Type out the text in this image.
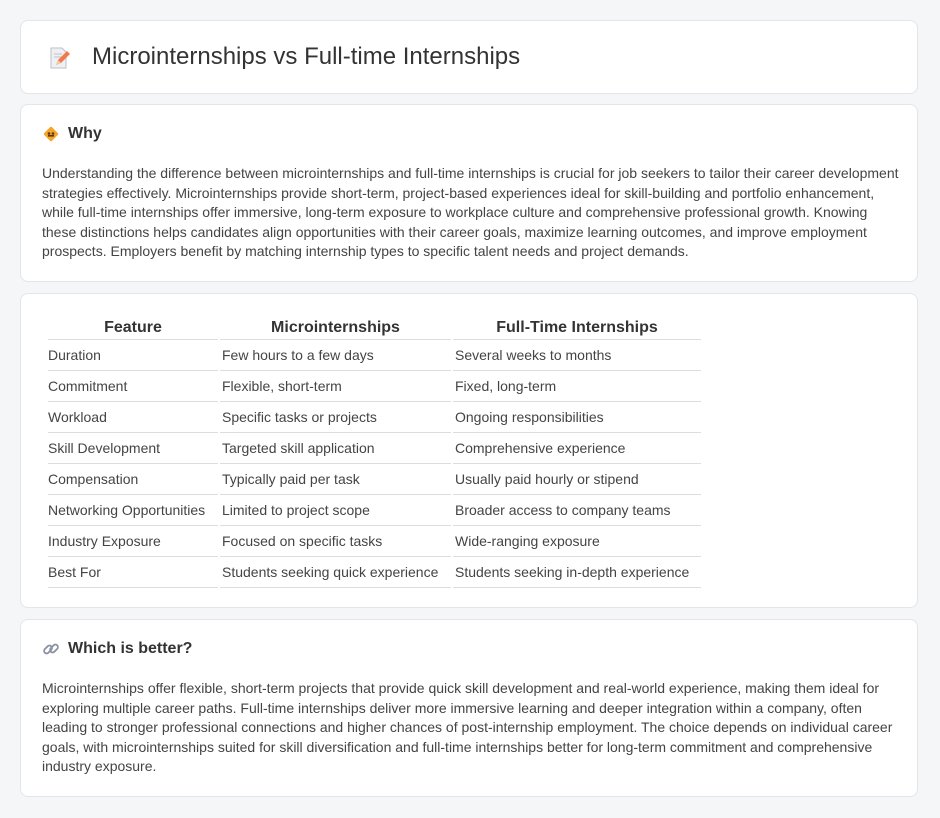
Microinternships vs Full-time Internships
Why

Understanding the difference between microinternships and full-time internships is crucial for job seekers to tailor their career development strategies effectively. Microinternships provide short-term, project-based experiences ideal for skill-building and portfolio enhancement, while full-time internships offer immersive, long-term exposure to workplace culture and comprehensive professional growth. Knowing these distinctions helps candidates align opportunities with their career goals, maximize learning outcomes, and improve employment prospects. Employers benefit by matching internship types to specific talent needs and project demands.

Feature	Microinternships	Full-Time Internships
Duration	Few hours to a few days	Several weeks to months
Commitment	Flexible, short-term	Fixed, long-term
Workload	Specific tasks or projects	Ongoing responsibilities
Skill Development	Targeted skill application	Comprehensive experience
Compensation	Typically paid per task	Usually paid hourly or stipend
Networking Opportunities	Limited to project scope	Broader access to company teams
Industry Exposure	Focused on specific tasks	Wide-ranging exposure
Best For	Students seeking quick experience	Students seeking in-depth experience
Which is better?

Microinternships offer flexible, short-term projects that provide quick skill development and real-world experience, making them ideal for exploring multiple career paths. Full-time internships deliver more immersive learning and deeper integration within a company, often leading to stronger professional connections and higher chances of post-internship employment. The choice depends on individual career goals, with microinternships suited for skill diversification and full-time internships better for long-term commitment and comprehensive industry exposure.
